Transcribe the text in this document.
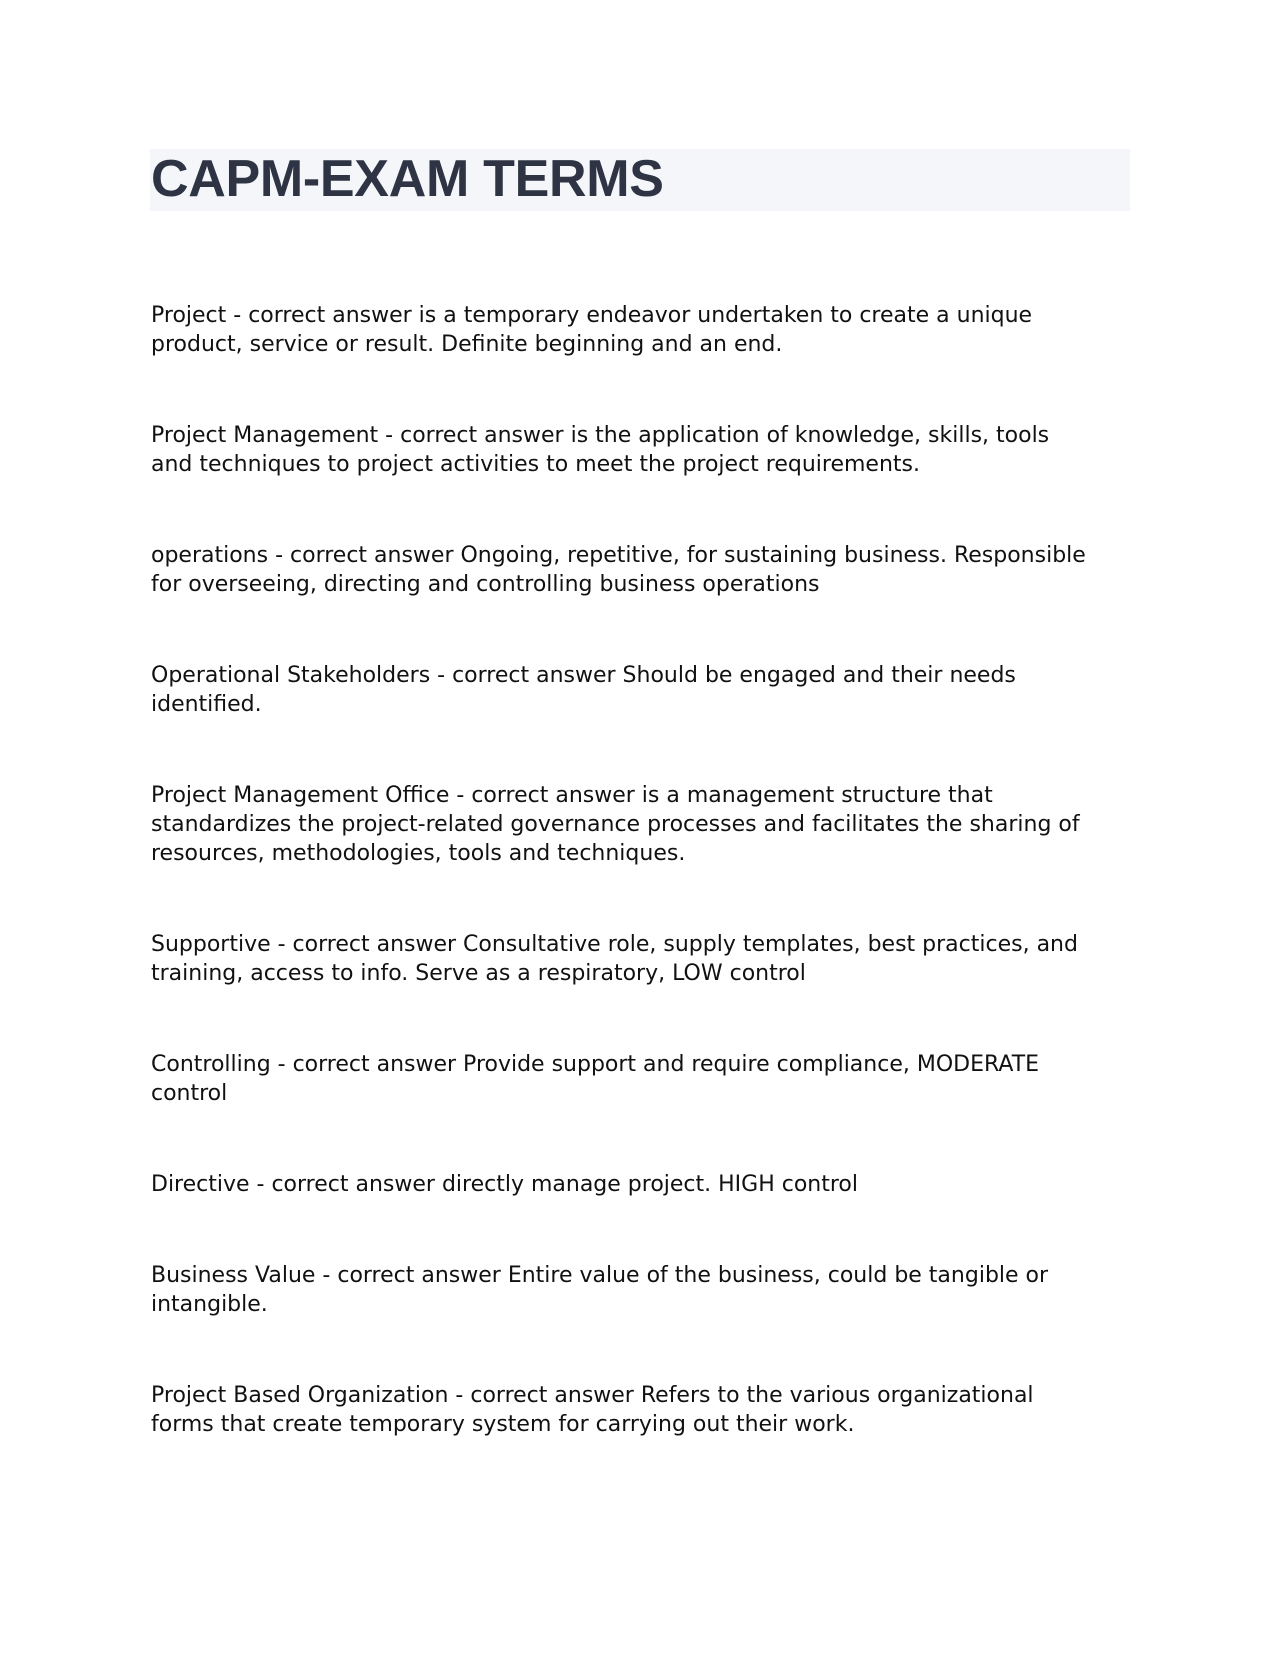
CAPM-EXAM TERMS

Project - correct answer is a temporary endeavor undertaken to create a unique

product, service or result. Definite beginning and an end.

Project Management - correct answer is the application of knowledge, skills, tools

and techniques to project activities to meet the project requirements.

operations - correct answer Ongoing, repetitive, for sustaining business. Responsible

for overseeing, directing and controlling business operations

Operational Stakeholders - correct answer Should be engaged and their needs

identified.

Project Management Office - correct answer is a management structure that

standardizes the project-related governance processes and facilitates the sharing of

resources, methodologies, tools and techniques.

Supportive - correct answer Consultative role, supply templates, best practices, and

training, access to info. Serve as a respiratory, LOW control

Controlling - correct answer Provide support and require compliance, MODERATE

control

Directive - correct answer directly manage project. HIGH control

Business Value - correct answer Entire value of the business, could be tangible or

intangible.

Project Based Organization - correct answer Refers to the various organizational

forms that create temporary system for carrying out their work.
